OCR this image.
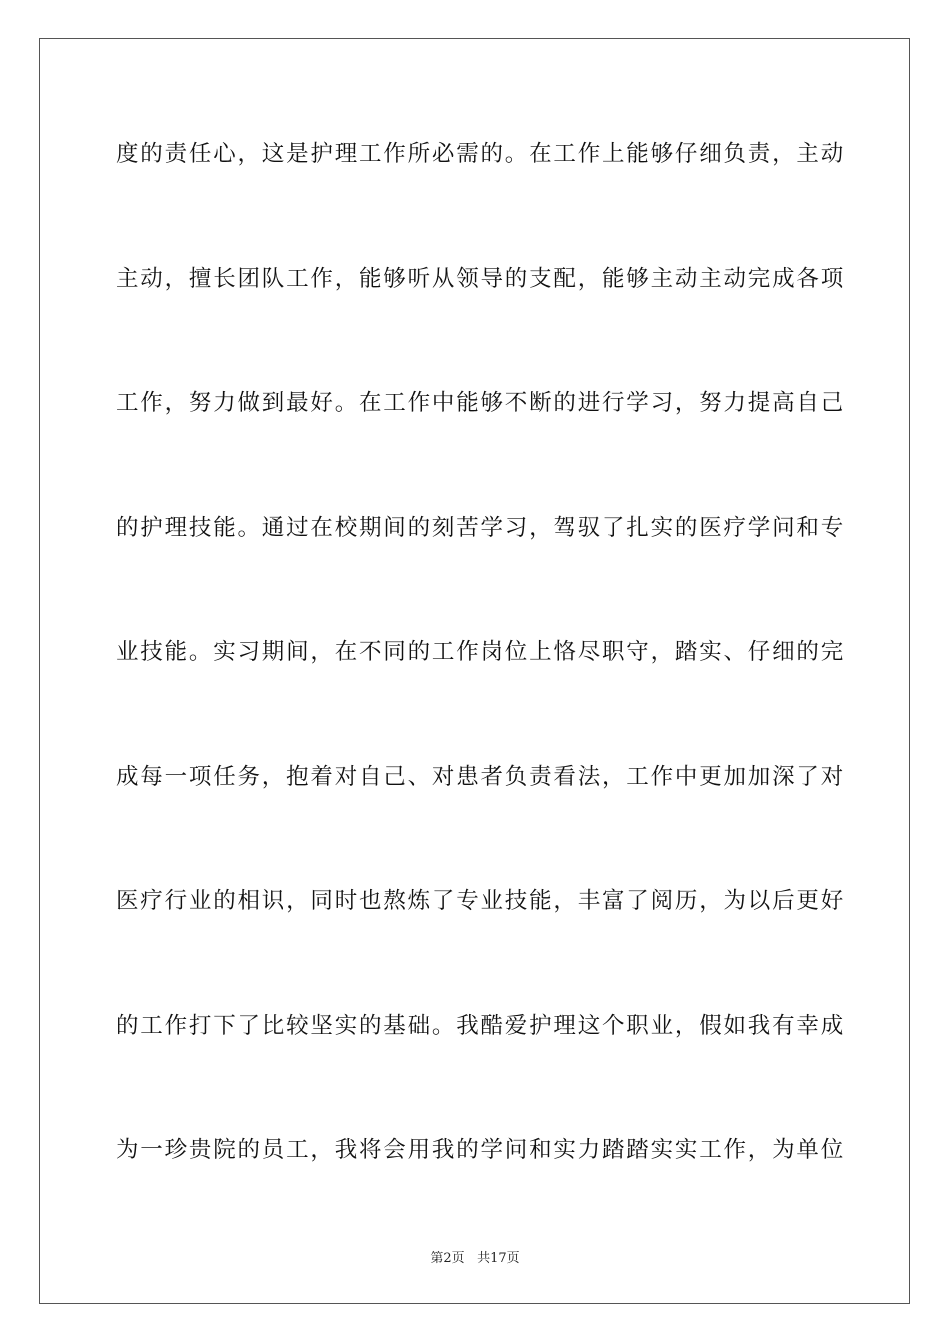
度的责任心，这是护理工作所必需的。在工作上能够仔细负责，主动
主动，擅长团队工作，能够听从领导的支配，能够主动主动完成各项
工作，努力做到最好。在工作中能够不断的进行学习，努力提高自己
的护理技能。通过在校期间的刻苦学习，驾驭了扎实的医疗学问和专
业技能。实习期间，在不同的工作岗位上恪尽职守，踏实、仔细的完
成每一项任务，抱着对自己、对患者负责看法，工作中更加加深了对
医疗行业的相识，同时也熬炼了专业技能，丰富了阅历，为以后更好
的工作打下了比较坚实的基础。我酷爱护理这个职业，假如我有幸成
为一珍贵院的员工，我将会用我的学问和实力踏踏实实工作，为单位
第2页 共17页
